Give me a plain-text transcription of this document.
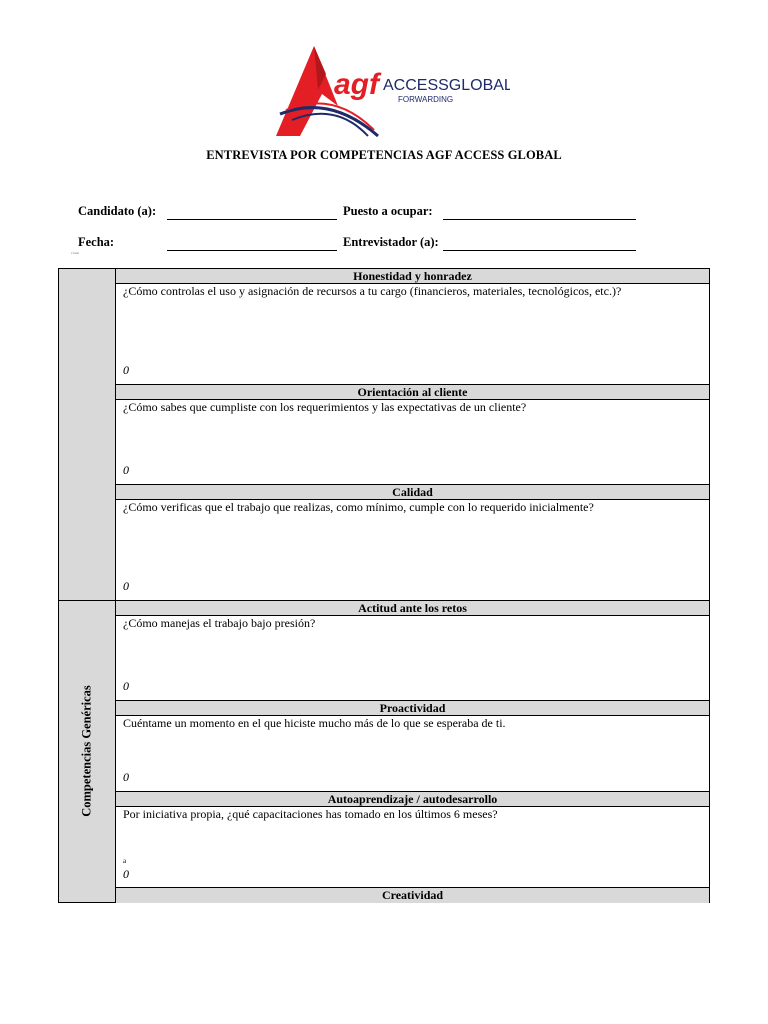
agf ACCESSGLOBAL
FORWARDING
ENTREVISTA POR COMPETENCIAS AGF ACCESS GLOBAL
Candidato (a):	Puesto a ocupar:
Fecha:	Entrevistador (a):
a form
Competencias Genéricas
Honestidad y honradez
¿Cómo controlas el uso y asignación de recursos a tu cargo (financieros, materiales, tecnológicos, etc.)?
0
Orientación al cliente
¿Cómo sabes que cumpliste con los requerimientos y las expectativas de un cliente?
0
Calidad
¿Cómo verificas que el trabajo que realizas, como mínimo, cumple con lo requerido inicialmente?
0
Actitud ante los retos
¿Cómo manejas el trabajo bajo presión?
0
Proactividad
Cuéntame un momento en el que hiciste mucho más de lo que se esperaba de ti.
0
Autoaprendizaje / autodesarrollo
Por iniciativa propia, ¿qué capacitaciones has tomado en los últimos 6 meses?
a
0
Creatividad
